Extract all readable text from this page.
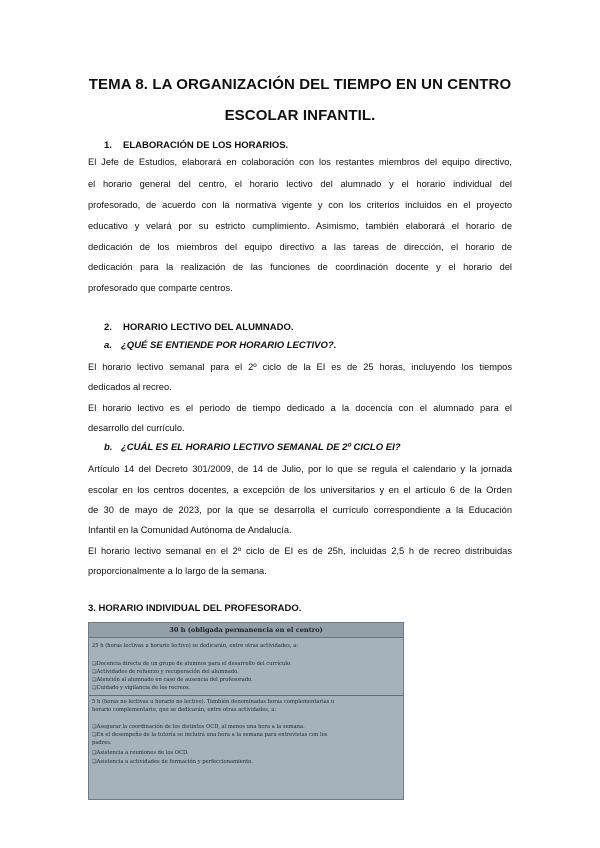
TEMA 8. LA ORGANIZACIÓN DEL TIEMPO EN UN CENTRO
ESCOLAR INFANTIL.
1. ELABORACIÓN DE LOS HORARIOS.
El Jefe de Estudios, elaborará en colaboración con los restantes miembros del equipo directivo,
el horario general del centro, el horario lectivo del alumnado y el horario individual del
profesorado, de acuerdo con la normativa vigente y con los criterios incluidos en el proyecto
educativo y velará por su estricto cumplimiento. Asimismo, también elaborará el horario de
dedicación de los miembros del equipo directivo a las tareas de dirección, el horario de
dedicación para la realización de las funciones de coordinación docente y el horario del
profesorado que comparte centros.
2. HORARIO LECTIVO DEL ALUMNADO.
a. ¿QUÉ SE ENTIENDE POR HORARIO LECTIVO?.
El horario lectivo semanal para el 2º ciclo de la EI es de 25 horas, incluyendo los tiempos
dedicados al recreo.
El horario lectivo es el periodo de tiempo dedicado a la docencia con el alumnado para el
desarrollo del currículo.
b. ¿CUÁL ES EL HORARIO LECTIVO SEMANAL DE 2º CICLO EI?
Artículo 14 del Decreto 301/2009, de 14 de Julio, por lo que se regula el calendario y la jornada
escolar en los centros docentes, a excepción de los universitarios y en el artículo 6 de la Orden
de 30 de mayo de 2023, por la que se desarrolla el currículo correspondiente a la Educación
Infantil en la Comunidad Autónoma de Andalucía.
El horario lectivo semanal en el 2º ciclo de EI es de 25h, incluidas 2,5 h de recreo distribuidas
proporcionalmente a lo largo de la semana.
3. HORARIO INDIVIDUAL DEL PROFESORADO.
30 h (obligada permanencia en el centro)
25 h (horas lectivas u horario lectivo) se dedicarán, entre otras actividades, a:
❑Docencia directa de un grupo de alumnos para el desarrollo del currículo.
❑Actividades de refuerzo y recuperación del alumnado.
❑Atención al alumnado en caso de ausencia del profesorado.
❑Cuidado y vigilancia de los recreos.
5 h (horas no lectivas u horario no lectivo). También denominadas horas complementarias u
horario complementario, que se dedicarán, entre otras actividades, a:
❑Asegurar la coordinación de los distintos OCD, al menos una hora a la semana.
❑En el desempeño de la tutoría se incluirá una hora a la semana para entrevistas con los
padres.
❑Asistencia a reuniones de los OCD.
❑Asistencia a actividades de formación y perfeccionamiento.
